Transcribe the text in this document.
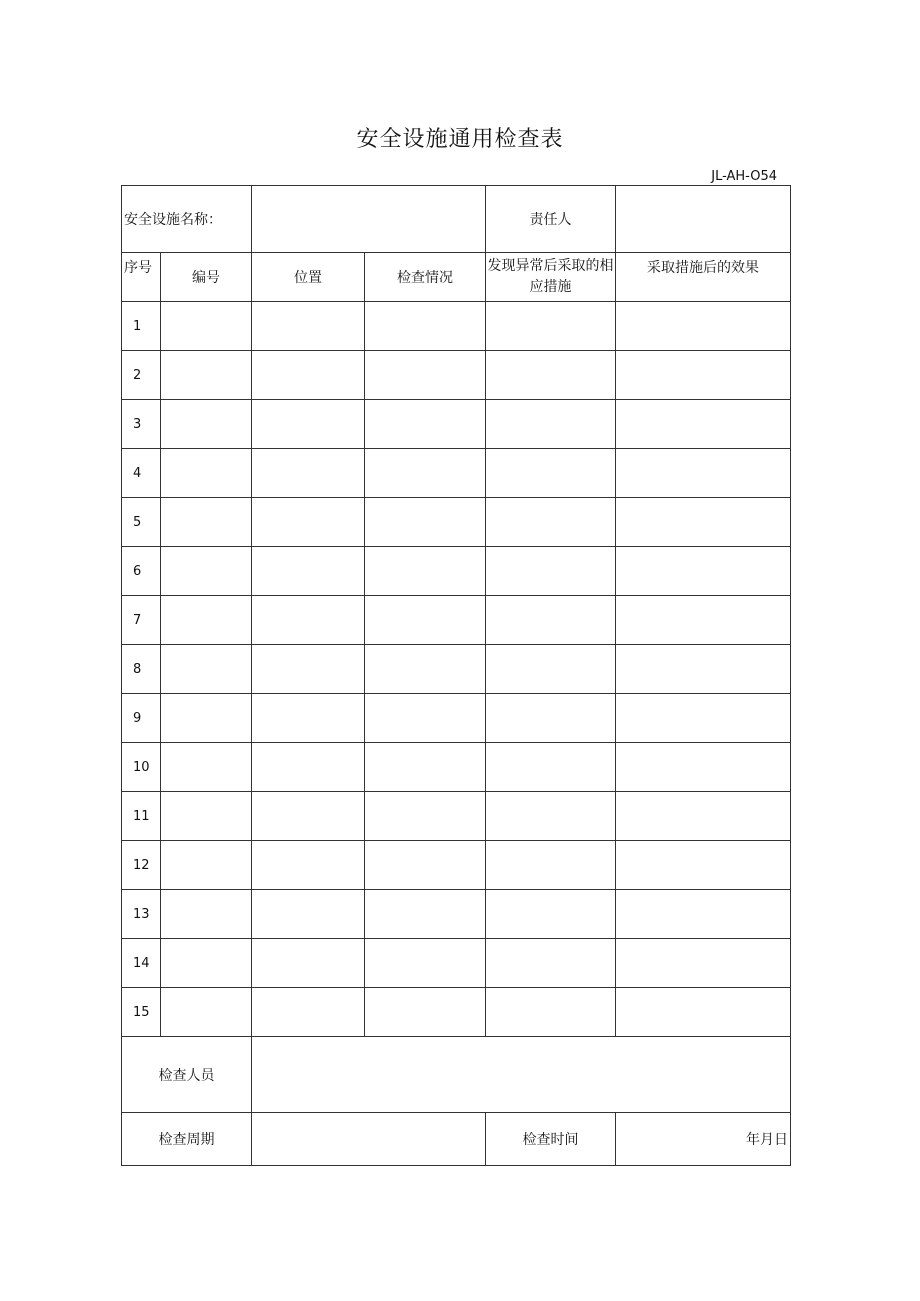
安全设施通用检查表
JL-AH-O54
安全设施名称：				责任人	
序号	编号	位置	检查情况	发现异常后采取的相应措施	采取措施后的效果
1					
2					
3					
4					
5					
6					
7					
8					
9					
10					
11					
12					
13					
14					
15					
检查人员					
检查周期				检查时间	年月日
